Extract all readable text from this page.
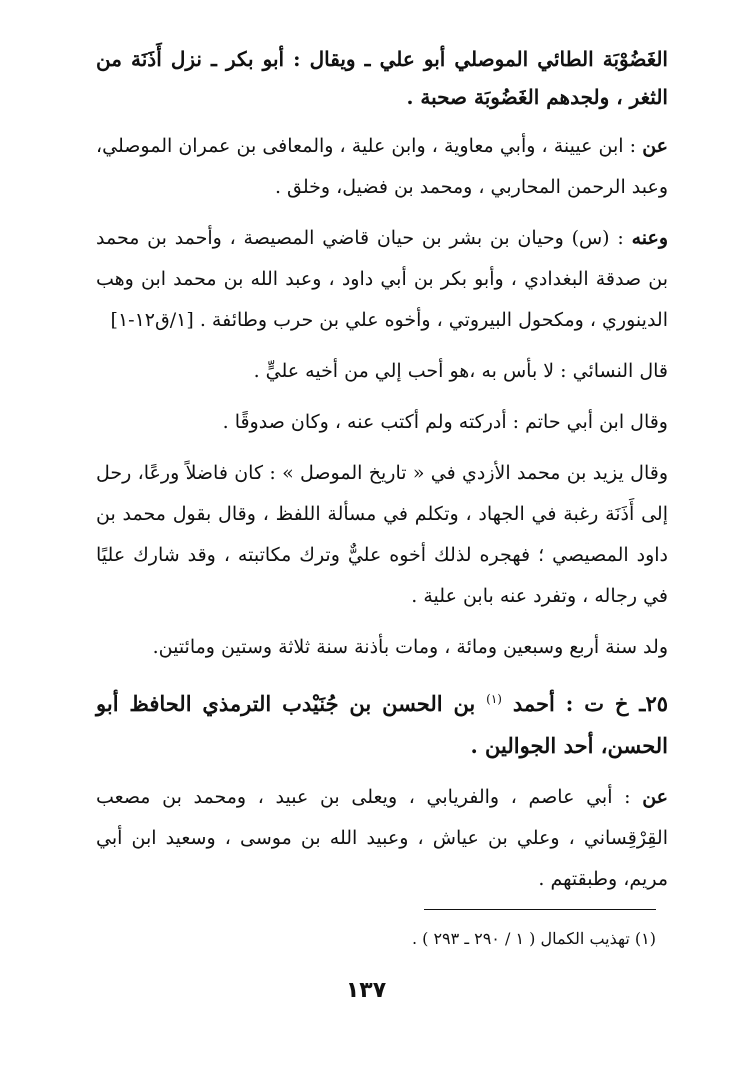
الغَضُوْبَة الطائي الموصلي أبو علي ـ ويقال : أبو بكر ـ نزل أَذَنَة من الثغر ، ولجدهم الغَضُوبَة صحبة .

عن : ابن عيينة ، وأبي معاوية ، وابن علية ، والمعافى بن عمران الموصلي، وعبد الرحمن المحاربي ، ومحمد بن فضيل، وخلق .

وعنه : (س) وحيان بن بشر بن حيان قاضي المصيصة ، وأحمد بن محمد بن صدقة البغدادي ، وأبو بكر بن أبي داود ، وعبد الله بن محمد ابن وهب الدينوري ، ومكحول البيروتي ، وأخوه علي بن حرب وطائفة . [١/ق١٢-١]

قال النسائي : لا بأس به ،هو أحب إلي من أخيه عليٍّ .

وقال ابن أبي حاتم : أدركته ولم أكتب عنه ، وكان صدوقًا .

وقال يزيد بن محمد الأزدي في « تاريخ الموصل » : كان فاضلاً ورعًا، رحل إلى أَذَنَة رغبة في الجهاد ، وتكلم في مسألة اللفظ ، وقال بقول محمد بن داود المصيصي ؛ فهجره لذلك أخوه عليٌّ وترك مكاتبته ، وقد شارك عليًا في رجاله ، وتفرد عنه بابن علية .

ولد سنة أربع وسبعين ومائة ، ومات بأذنة سنة ثلاثة وستين ومائتين.

٢٥ـ خ ت : أحمد $^{(١)}$ بن الحسن بن جُنَيْدب الترمذي الحافظ أبو الحسن، أحد الجوالين .

عن : أبي عاصم ، والفريابي ، ويعلى بن عبيد ، ومحمد بن مصعب القِرْقِساني ، وعلي بن عياش ، وعبيد الله بن موسى ، وسعيد ابن أبي مريم، وطبقتهم .

(١) تهذيب الكمال ( ١ / ٢٩٠ ـ ٢٩٣ ) .
١٣٧
